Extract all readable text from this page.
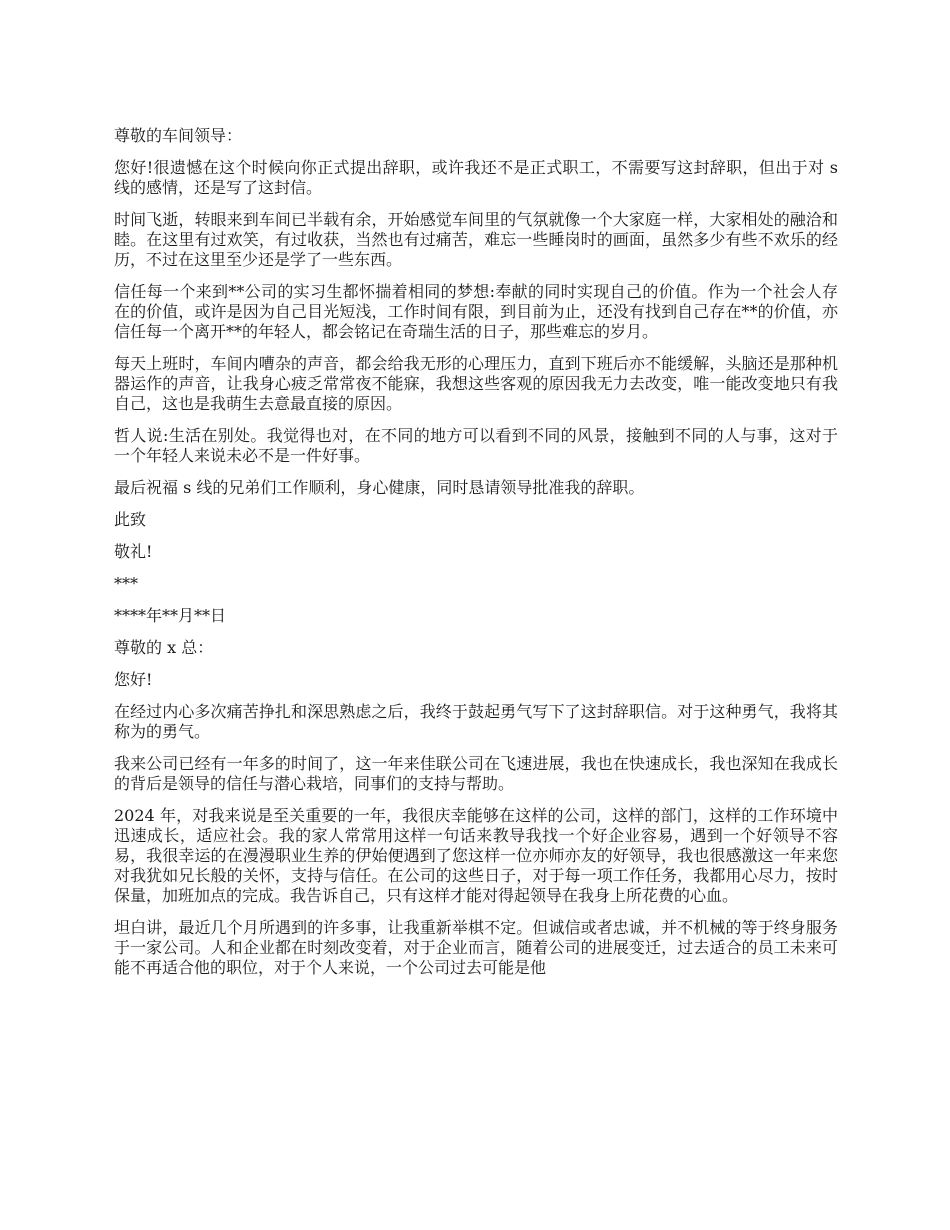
尊敬的车间领导：

您好!很遗憾在这个时候向你正式提出辞职，或许我还不是正式职工，不需要写这封辞职，但出于对 s 线的感情，还是写了这封信。

时间飞逝，转眼来到车间已半载有余，开始感觉车间里的气氛就像一个大家庭一样，大家相处的融洽和睦。在这里有过欢笑，有过收获，当然也有过痛苦，难忘一些睡岗时的画面，虽然多少有些不欢乐的经历，不过在这里至少还是学了一些东西。

信任每一个来到**公司的实习生都怀揣着相同的梦想:奉献的同时实现自己的价值。作为一个社会人存在的价值，或许是因为自己目光短浅，工作时间有限，到目前为止，还没有找到自己存在**的价值，亦信任每一个离开**的年轻人，都会铭记在奇瑞生活的日子，那些难忘的岁月。

每天上班时，车间内嘈杂的声音，都会给我无形的心理压力，直到下班后亦不能缓解，头脑还是那种机器运作的声音，让我身心疲乏常常夜不能寐，我想这些客观的原因我无力去改变，唯一能改变地只有我自己，这也是我萌生去意最直接的原因。

哲人说:生活在别处。我觉得也对，在不同的地方可以看到不同的风景，接触到不同的人与事，这对于一个年轻人来说未必不是一件好事。

最后祝福 s 线的兄弟们工作顺利，身心健康，同时恳请领导批准我的辞职。

此致

敬礼!

***

****年**月**日

尊敬的 x 总：

您好!

在经过内心多次痛苦挣扎和深思熟虑之后，我终于鼓起勇气写下了这封辞职信。对于这种勇气，我将其称为的勇气。

我来公司已经有一年多的时间了，这一年来佳联公司在飞速进展，我也在快速成长，我也深知在我成长的背后是领导的信任与潜心栽培，同事们的支持与帮助。

2024 年，对我来说是至关重要的一年，我很庆幸能够在这样的公司，这样的部门，这样的工作环境中迅速成长，适应社会。我的家人常常用这样一句话来教导我找一个好企业容易，遇到一个好领导不容易，我很幸运的在漫漫职业生养的伊始便遇到了您这样一位亦师亦友的好领导，我也很感激这一年来您对我犹如兄长般的关怀，支持与信任。在公司的这些日子，对于每一项工作任务，我都用心尽力，按时保量，加班加点的完成。我告诉自己，只有这样才能对得起领导在我身上所花费的心血。

坦白讲，最近几个月所遇到的许多事，让我重新举棋不定。但诚信或者忠诚，并不机械的等于终身服务于一家公司。人和企业都在时刻改变着，对于企业而言，随着公司的进展变迁，过去适合的员工未来可能不再适合他的职位，对于个人来说，一个公司过去可能是他
